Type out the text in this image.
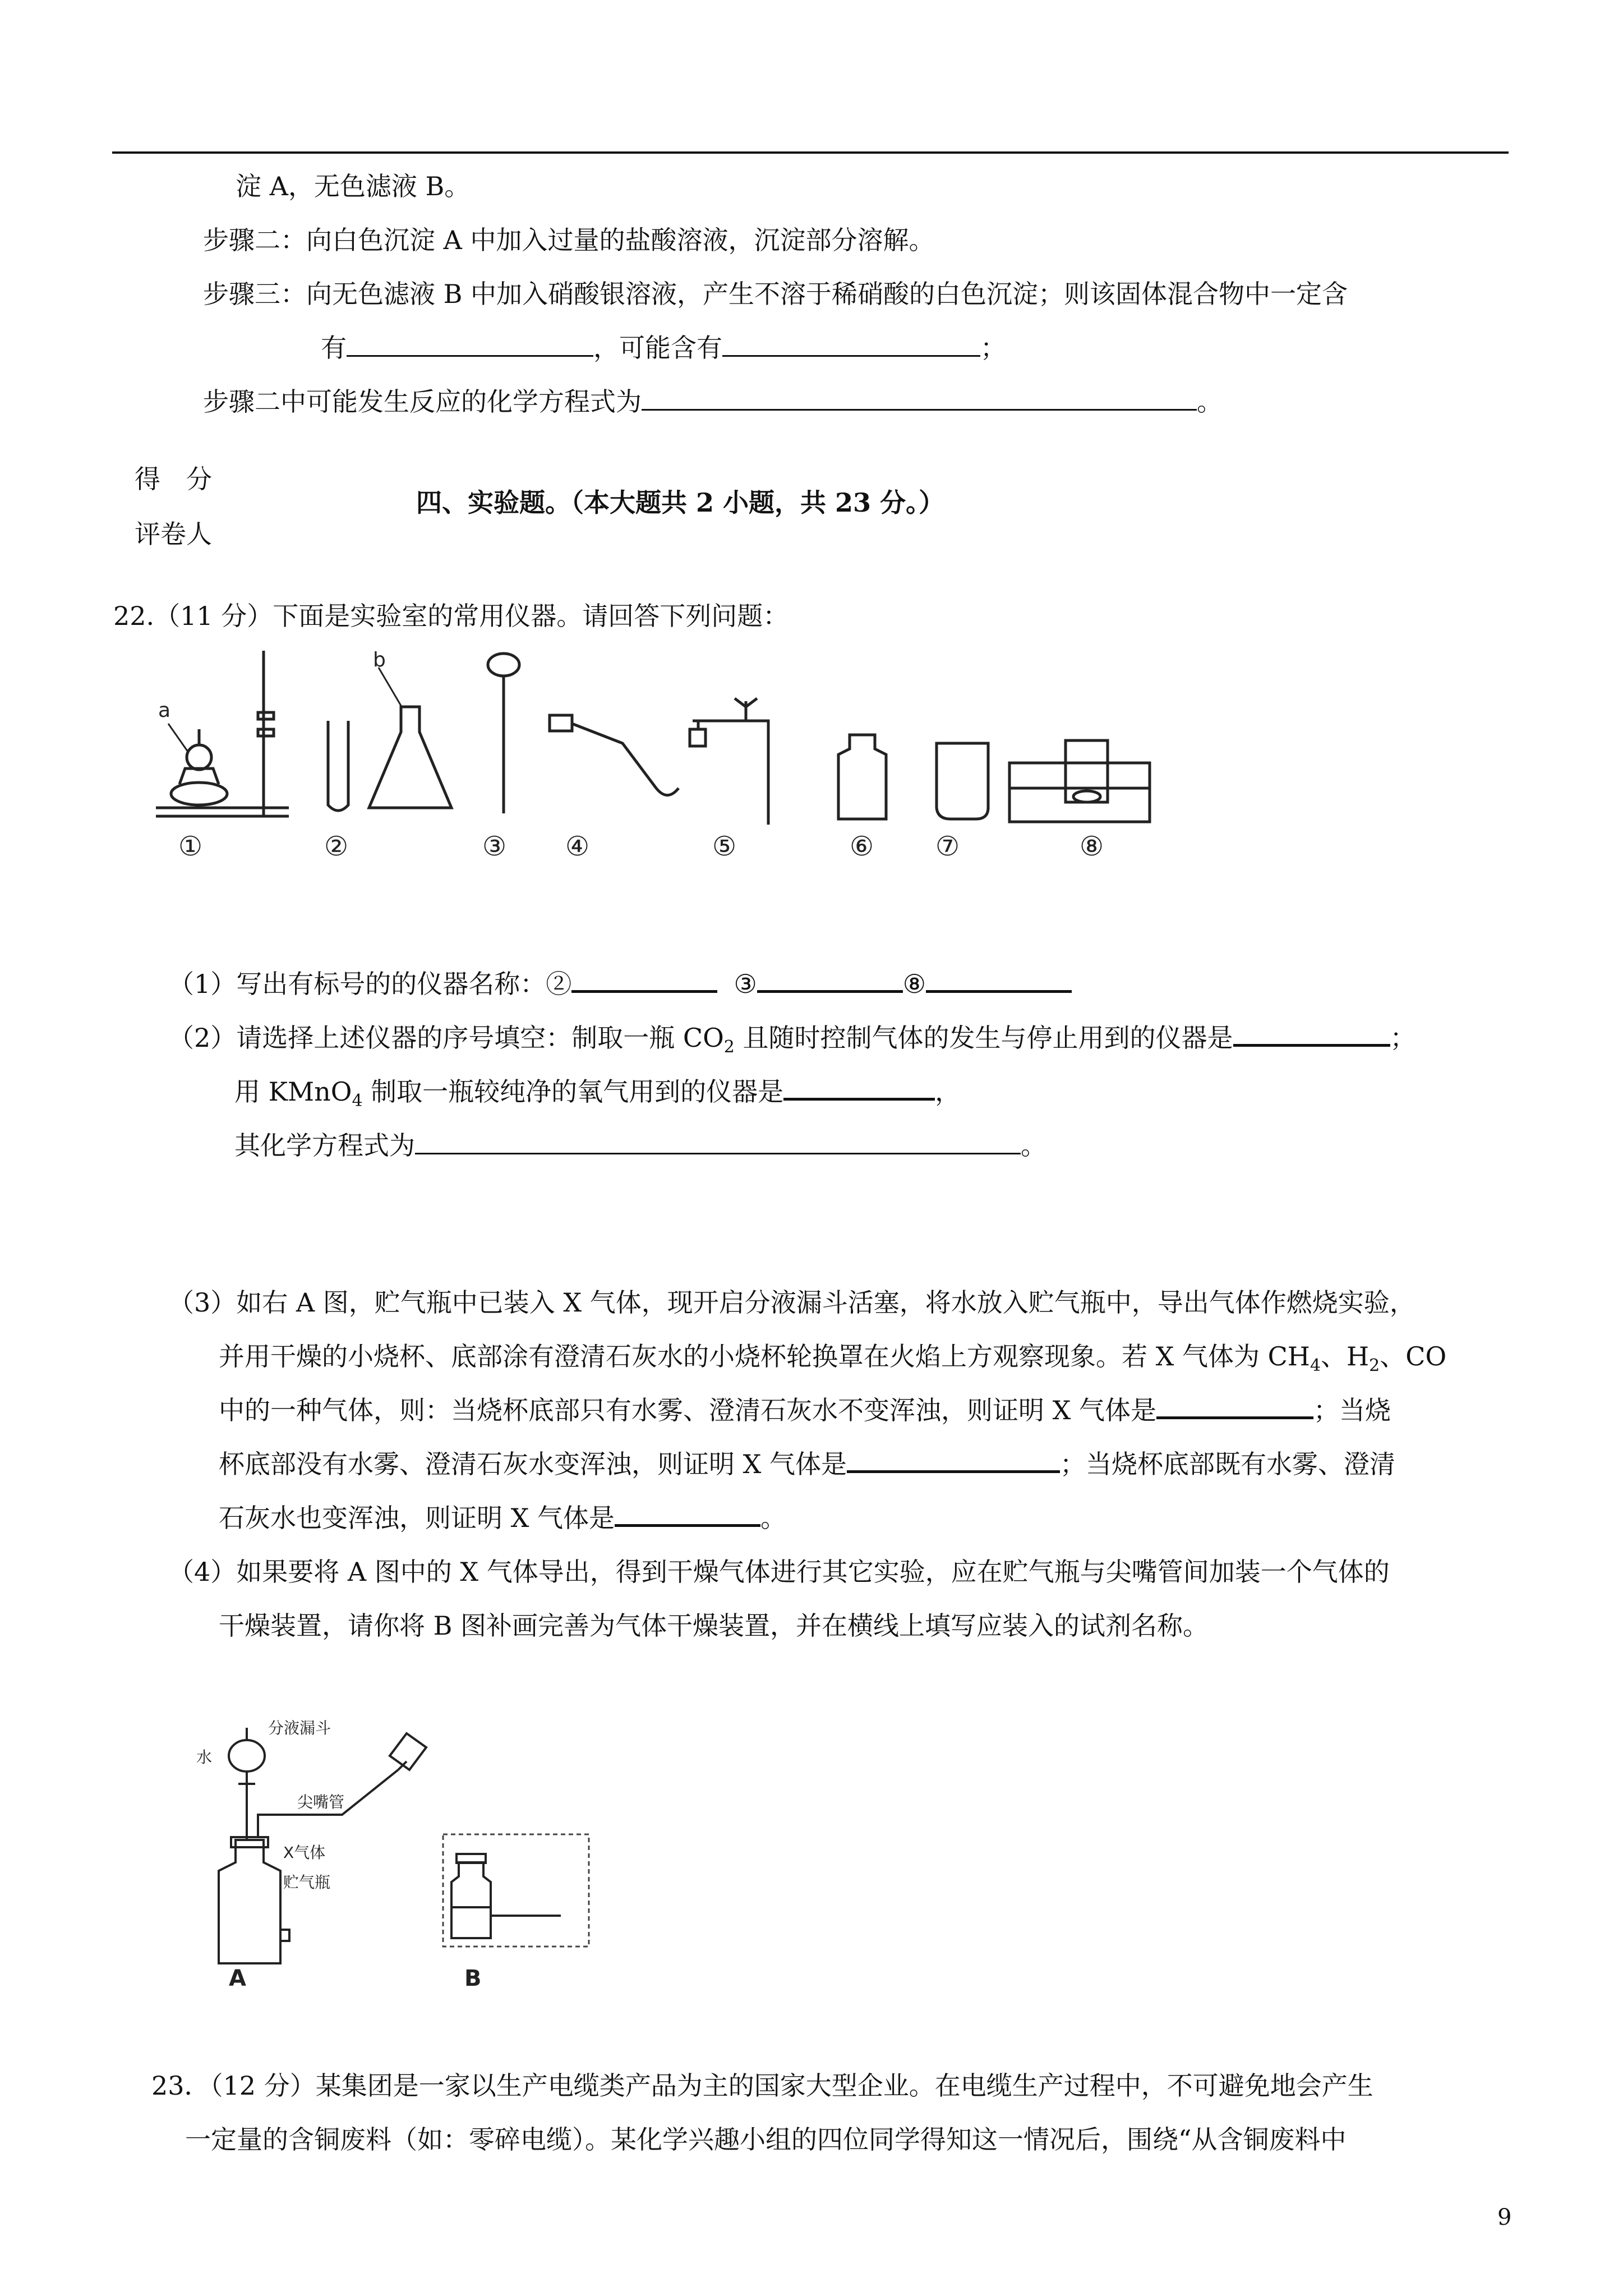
淀 A，无色滤液 B。
步骤二：向白色沉淀 A 中加入过量的盐酸溶液，沉淀部分溶解。
步骤三：向无色滤液 B 中加入硝酸银溶液，产生不溶于稀硝酸的白色沉淀；则该固体混合物中一定含
有	，可能含有	；
步骤二中可能发生反应的化学方程式为	。
得　分
评卷人
四、实验题。（本大题共 2 小题，共 23 分。）
22.（11 分）下面是实验室的常用仪器。请回答下列问题：
a
b
①	②	③ ④	⑤	⑥ ⑦	⑧
（1）写出有标号的的仪器名称：②	③	⑧
（2）请选择上述仪器的序号填空：制取一瓶 $CO_2$ 且随时控制气体的发生与停止用到的仪器是	；
用 KMnO$_4$ 制取一瓶较纯净的氧气用到的仪器是	，
其化学方程式为	。
（3）如右 A 图，贮气瓶中已装入 X 气体，现开启分液漏斗活塞，将水放入贮气瓶中，导出气体作燃烧实验，
并用干燥的小烧杯、底部涂有澄清石灰水的小烧杯轮换罩在火焰上方观察现象。若 X 气体为 $CH_4$、$H_2$、CO
中的一种气体，则：当烧杯底部只有水雾、澄清石灰水不变浑浊，则证明 X 气体是	；当烧
杯底部没有水雾、澄清石灰水变浑浊，则证明 X 气体是	；当烧杯底部既有水雾、澄清
石灰水也变浑浊，则证明 X 气体是	。
（4）如果要将 A 图中的 X 气体导出，得到干燥气体进行其它实验，应在贮气瓶与尖嘴管间加装一个气体的
干燥装置，请你将 B 图补画完善为气体干燥装置，并在横线上填写应装入的试剂名称。
分液漏斗
水
尖嘴管
X气体
贮气瓶
A	B
23．（12 分）某集团是一家以生产电缆类产品为主的国家大型企业。在电缆生产过程中，不可避免地会产生
一定量的含铜废料（如：零碎电缆）。某化学兴趣小组的四位同学得知这一情况后，围绕“从含铜废料中
9
